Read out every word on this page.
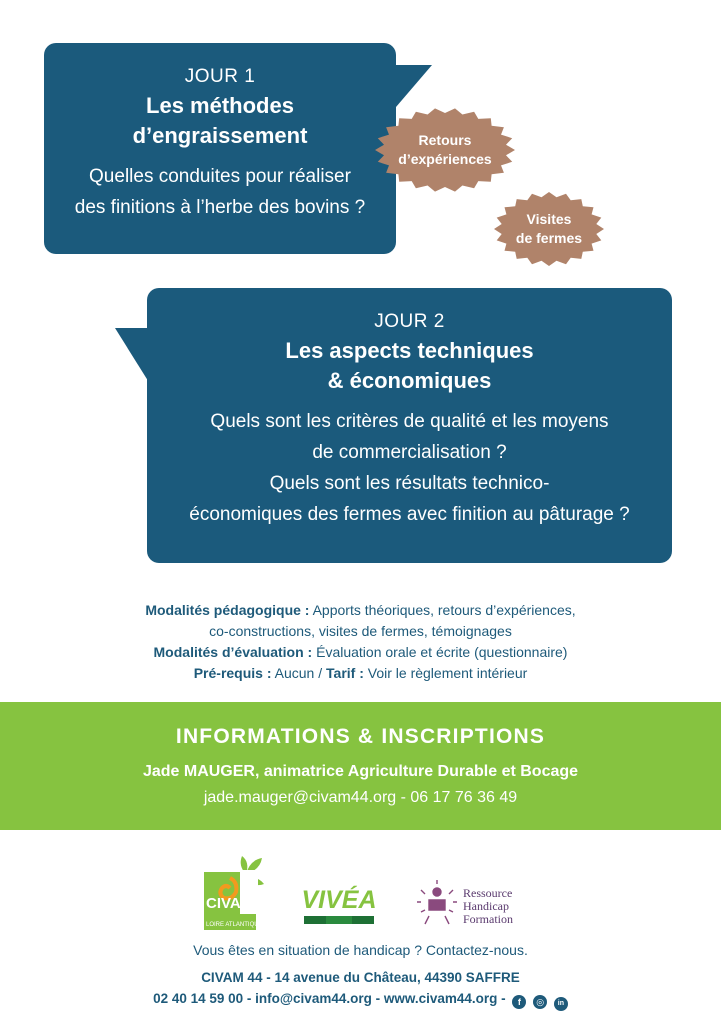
JOUR 1
Les méthodes
d’engraissement
Quelles conduites pour réaliser
des finitions à l’herbe des bovins ?
Retours
d’expériences
Visites
de fermes
JOUR 2
Les aspects techniques
& économiques
Quels sont les critères de qualité et les moyens
de commercialisation ?
Quels sont les résultats technico-
économiques des fermes avec finition au pâturage ?
Modalités pédagogique : Apports théoriques, retours d’expériences,
co-constructions, visites de fermes, témoignages
Modalités d’évaluation : Évaluation orale et écrite (questionnaire)
Pré-requis : Aucun / Tarif : Voir le règlement intérieur
INFORMATIONS & INSCRIPTIONS
Jade MAUGER, animatrice Agriculture Durable et Bocage
jade.mauger@civam44.org - 06 17 76 36 49
CIVAM
LOIRE ATLANTIQUE
VIVÉA	Ressource
Handicap
Formation
Vous êtes en situation de handicap ? Contactez-nous.
CIVAM 44 - 14 avenue du Château, 44390 SAFFRE
02 40 14 59 00 - info@civam44.org - www.civam44.org - f ◎ in
